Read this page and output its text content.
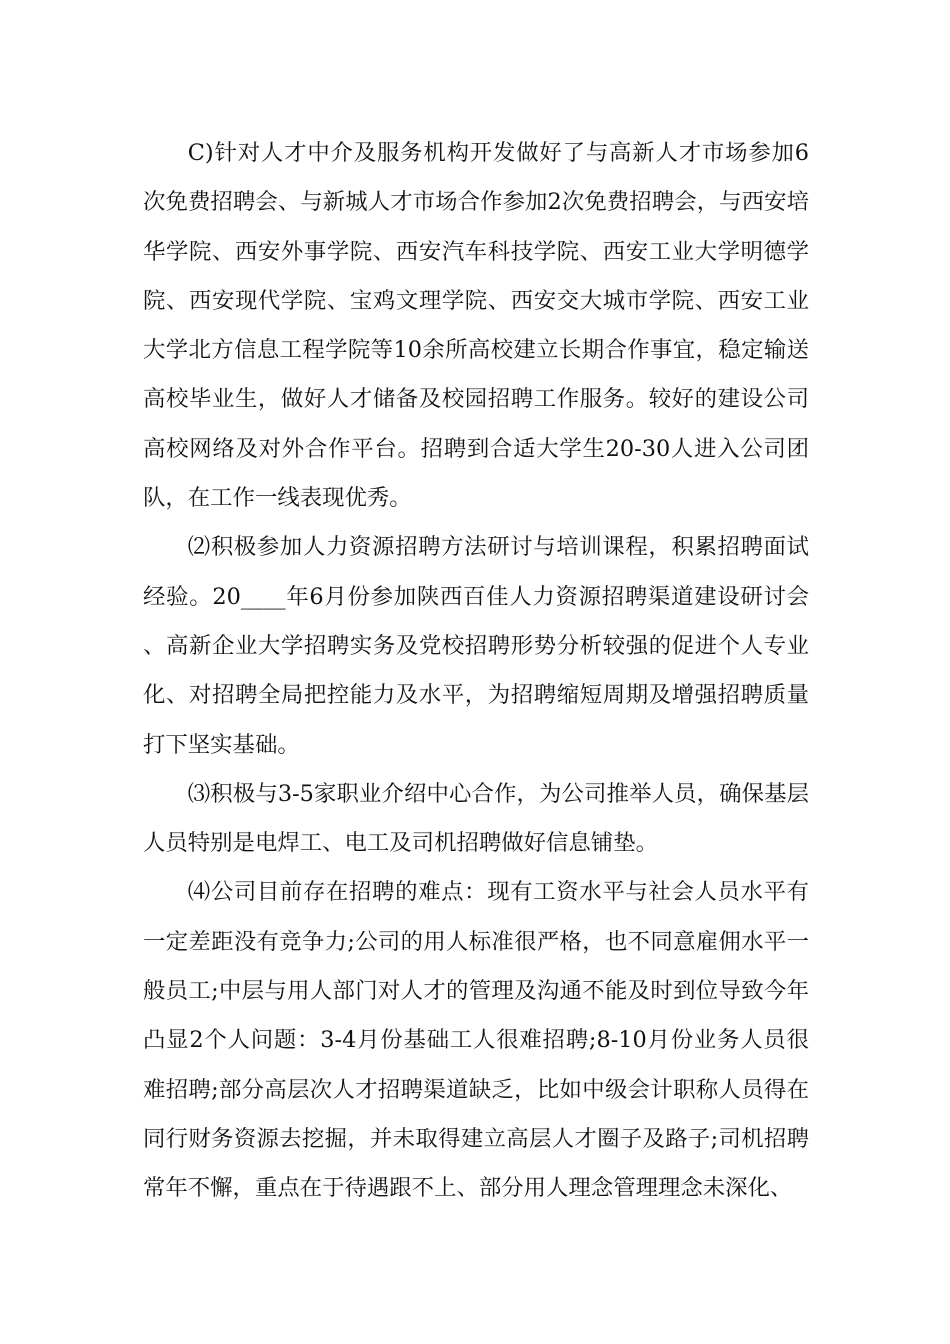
C)针对人才中介及服务机构开发做好了与高新人才市场参加6次免费招聘会、与新城人才市场合作参加2次免费招聘会，与西安培华学院、西安外事学院、西安汽车科技学院、西安工业大学明德学院、西安现代学院、宝鸡文理学院、西安交大城市学院、西安工业大学北方信息工程学院等10余所高校建立长期合作事宜，稳定输送高校毕业生，做好人才储备及校园招聘工作服务。较好的建设公司高校网络及对外合作平台。招聘到合适大学生20-30人进入公司团队，在工作一线表现优秀。

⑵积极参加人力资源招聘方法研讨与培训课程，积累招聘面试经验。20____年6月份参加陕西百佳人力资源招聘渠道建设研讨会、高新企业大学招聘实务及党校招聘形势分析较强的促进个人专业化、对招聘全局把控能力及水平，为招聘缩短周期及增强招聘质量打下坚实基础。

⑶积极与3-5家职业介绍中心合作，为公司推举人员，确保基层人员特别是电焊工、电工及司机招聘做好信息铺垫。

⑷公司目前存在招聘的难点：现有工资水平与社会人员水平有一定差距没有竞争力;公司的用人标准很严格，也不同意雇佣水平一般员工;中层与用人部门对人才的管理及沟通不能及时到位导致今年凸显2个人问题：3-4月份基础工人很难招聘;8-10月份业务人员很难招聘;部分高层次人才招聘渠道缺乏，比如中级会计职称人员得在同行财务资源去挖掘，并未取得建立高层人才圈子及路子;司机招聘常年不懈，重点在于待遇跟不上、部分用人理念管理理念未深化、
